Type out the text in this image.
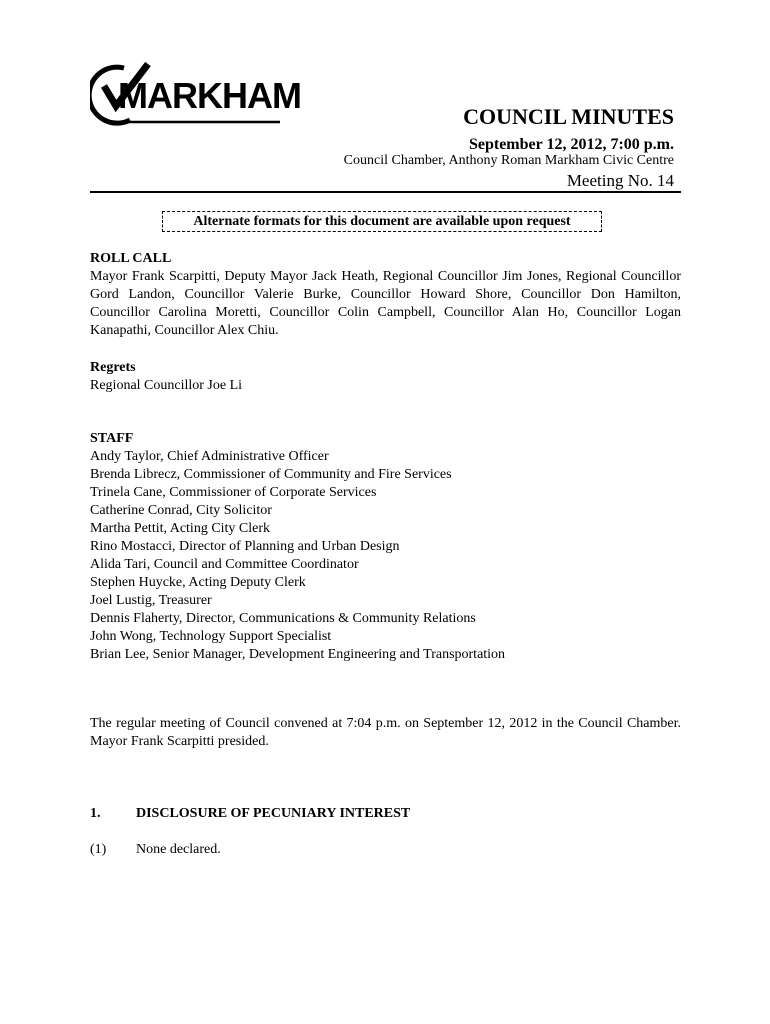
MARKHAM
COUNCIL MINUTES
September 12, 2012, 7:00 p.m.
Council Chamber, Anthony Roman Markham Civic Centre
Meeting No. 14
Alternate formats for this document are available upon request
ROLL CALL
Mayor Frank Scarpitti, Deputy Mayor Jack Heath, Regional Councillor Jim Jones, Regional Councillor Gord Landon, Councillor Valerie Burke, Councillor Howard Shore, Councillor Don Hamilton, Councillor Carolina Moretti, Councillor Colin Campbell, Councillor Alan Ho, Councillor Logan Kanapathi, Councillor Alex Chiu.
Regrets
Regional Councillor Joe Li
STAFF
Andy Taylor, Chief Administrative Officer
Brenda Librecz, Commissioner of Community and Fire Services
Trinela Cane, Commissioner of Corporate Services
Catherine Conrad, City Solicitor
Martha Pettit, Acting City Clerk
Rino Mostacci, Director of Planning and Urban Design
Alida Tari, Council and Committee Coordinator
Stephen Huycke, Acting Deputy Clerk
Joel Lustig, Treasurer
Dennis Flaherty, Director, Communications & Community Relations
John Wong, Technology Support Specialist
Brian Lee, Senior Manager, Development Engineering and Transportation
The regular meeting of Council convened at 7:04 p.m. on September 12, 2012 in the Council Chamber. Mayor Frank Scarpitti presided.
1.	DISCLOSURE OF PECUNIARY INTEREST
(1) None declared.
